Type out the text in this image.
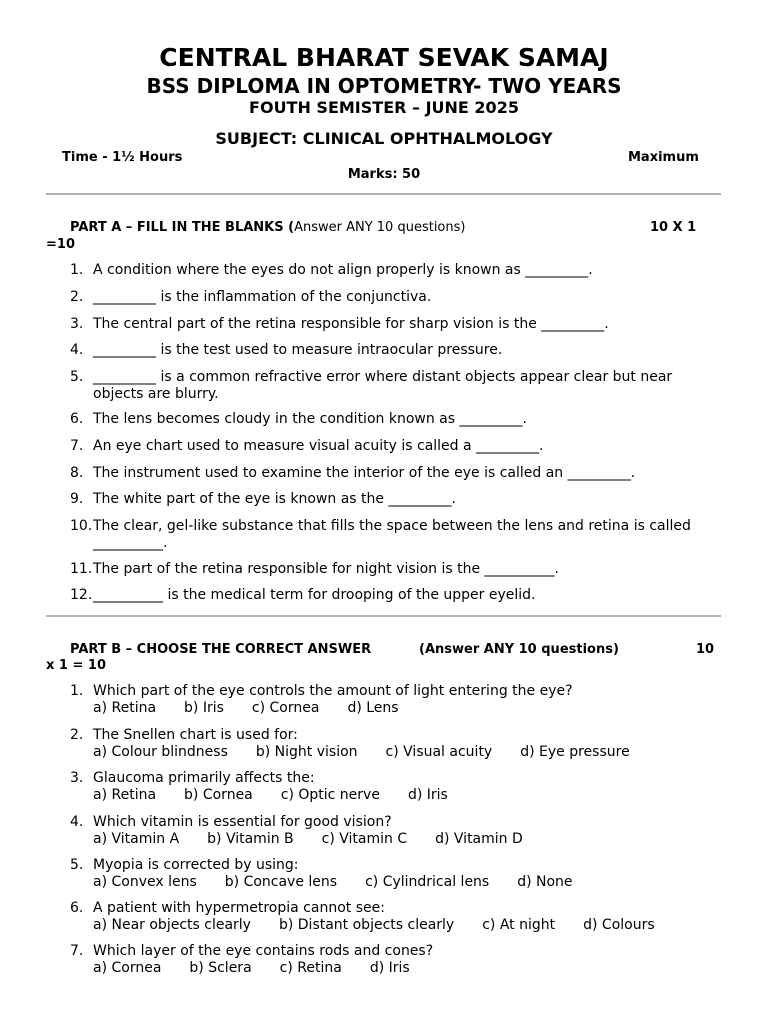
CENTRAL BHARAT SEVAK SAMAJ
BSS DIPLOMA IN OPTOMETRY- TWO YEARS
FOUTH SEMISTER – JUNE 2025
SUBJECT: CLINICAL OPHTHALMOLOGY
Time - 1½ Hours	Maximum
Marks: 50
PART A – FILL IN THE BLANKS (Answer ANY 10 questions)	10 X 1
=10
1. A condition where the eyes do not align properly is known as _________.
2. _________ is the inflammation of the conjunctiva.
3. The central part of the retina responsible for sharp vision is the _________.
4. _________ is the test used to measure intraocular pressure.
5. _________ is a common refractive error where distant objects appear clear but near objects are blurry.
6. The lens becomes cloudy in the condition known as _________.
7. An eye chart used to measure visual acuity is called a _________.
8. The instrument used to examine the interior of the eye is called an _________.
9. The white part of the eye is known as the _________.
10. The clear, gel-like substance that fills the space between the lens and retina is called __________.
11. The part of the retina responsible for night vision is the __________.
12. __________ is the medical term for drooping of the upper eyelid.
PART B – CHOOSE THE CORRECT ANSWER	(Answer ANY 10 questions)	10
x 1 = 10
1. Which part of the eye controls the amount of light entering the eye?
a) Retina b) Iris c) Cornea d) Lens
2. The Snellen chart is used for:
a) Colour blindness b) Night vision c) Visual acuity d) Eye pressure
3. Glaucoma primarily affects the:
a) Retina b) Cornea c) Optic nerve d) Iris
4. Which vitamin is essential for good vision?
a) Vitamin A b) Vitamin B c) Vitamin C d) Vitamin D
5. Myopia is corrected by using:
a) Convex lens b) Concave lens c) Cylindrical lens d) None
6. A patient with hypermetropia cannot see:
a) Near objects clearly b) Distant objects clearly c) At night d) Colours
7. Which layer of the eye contains rods and cones?
a) Cornea b) Sclera c) Retina d) Iris
